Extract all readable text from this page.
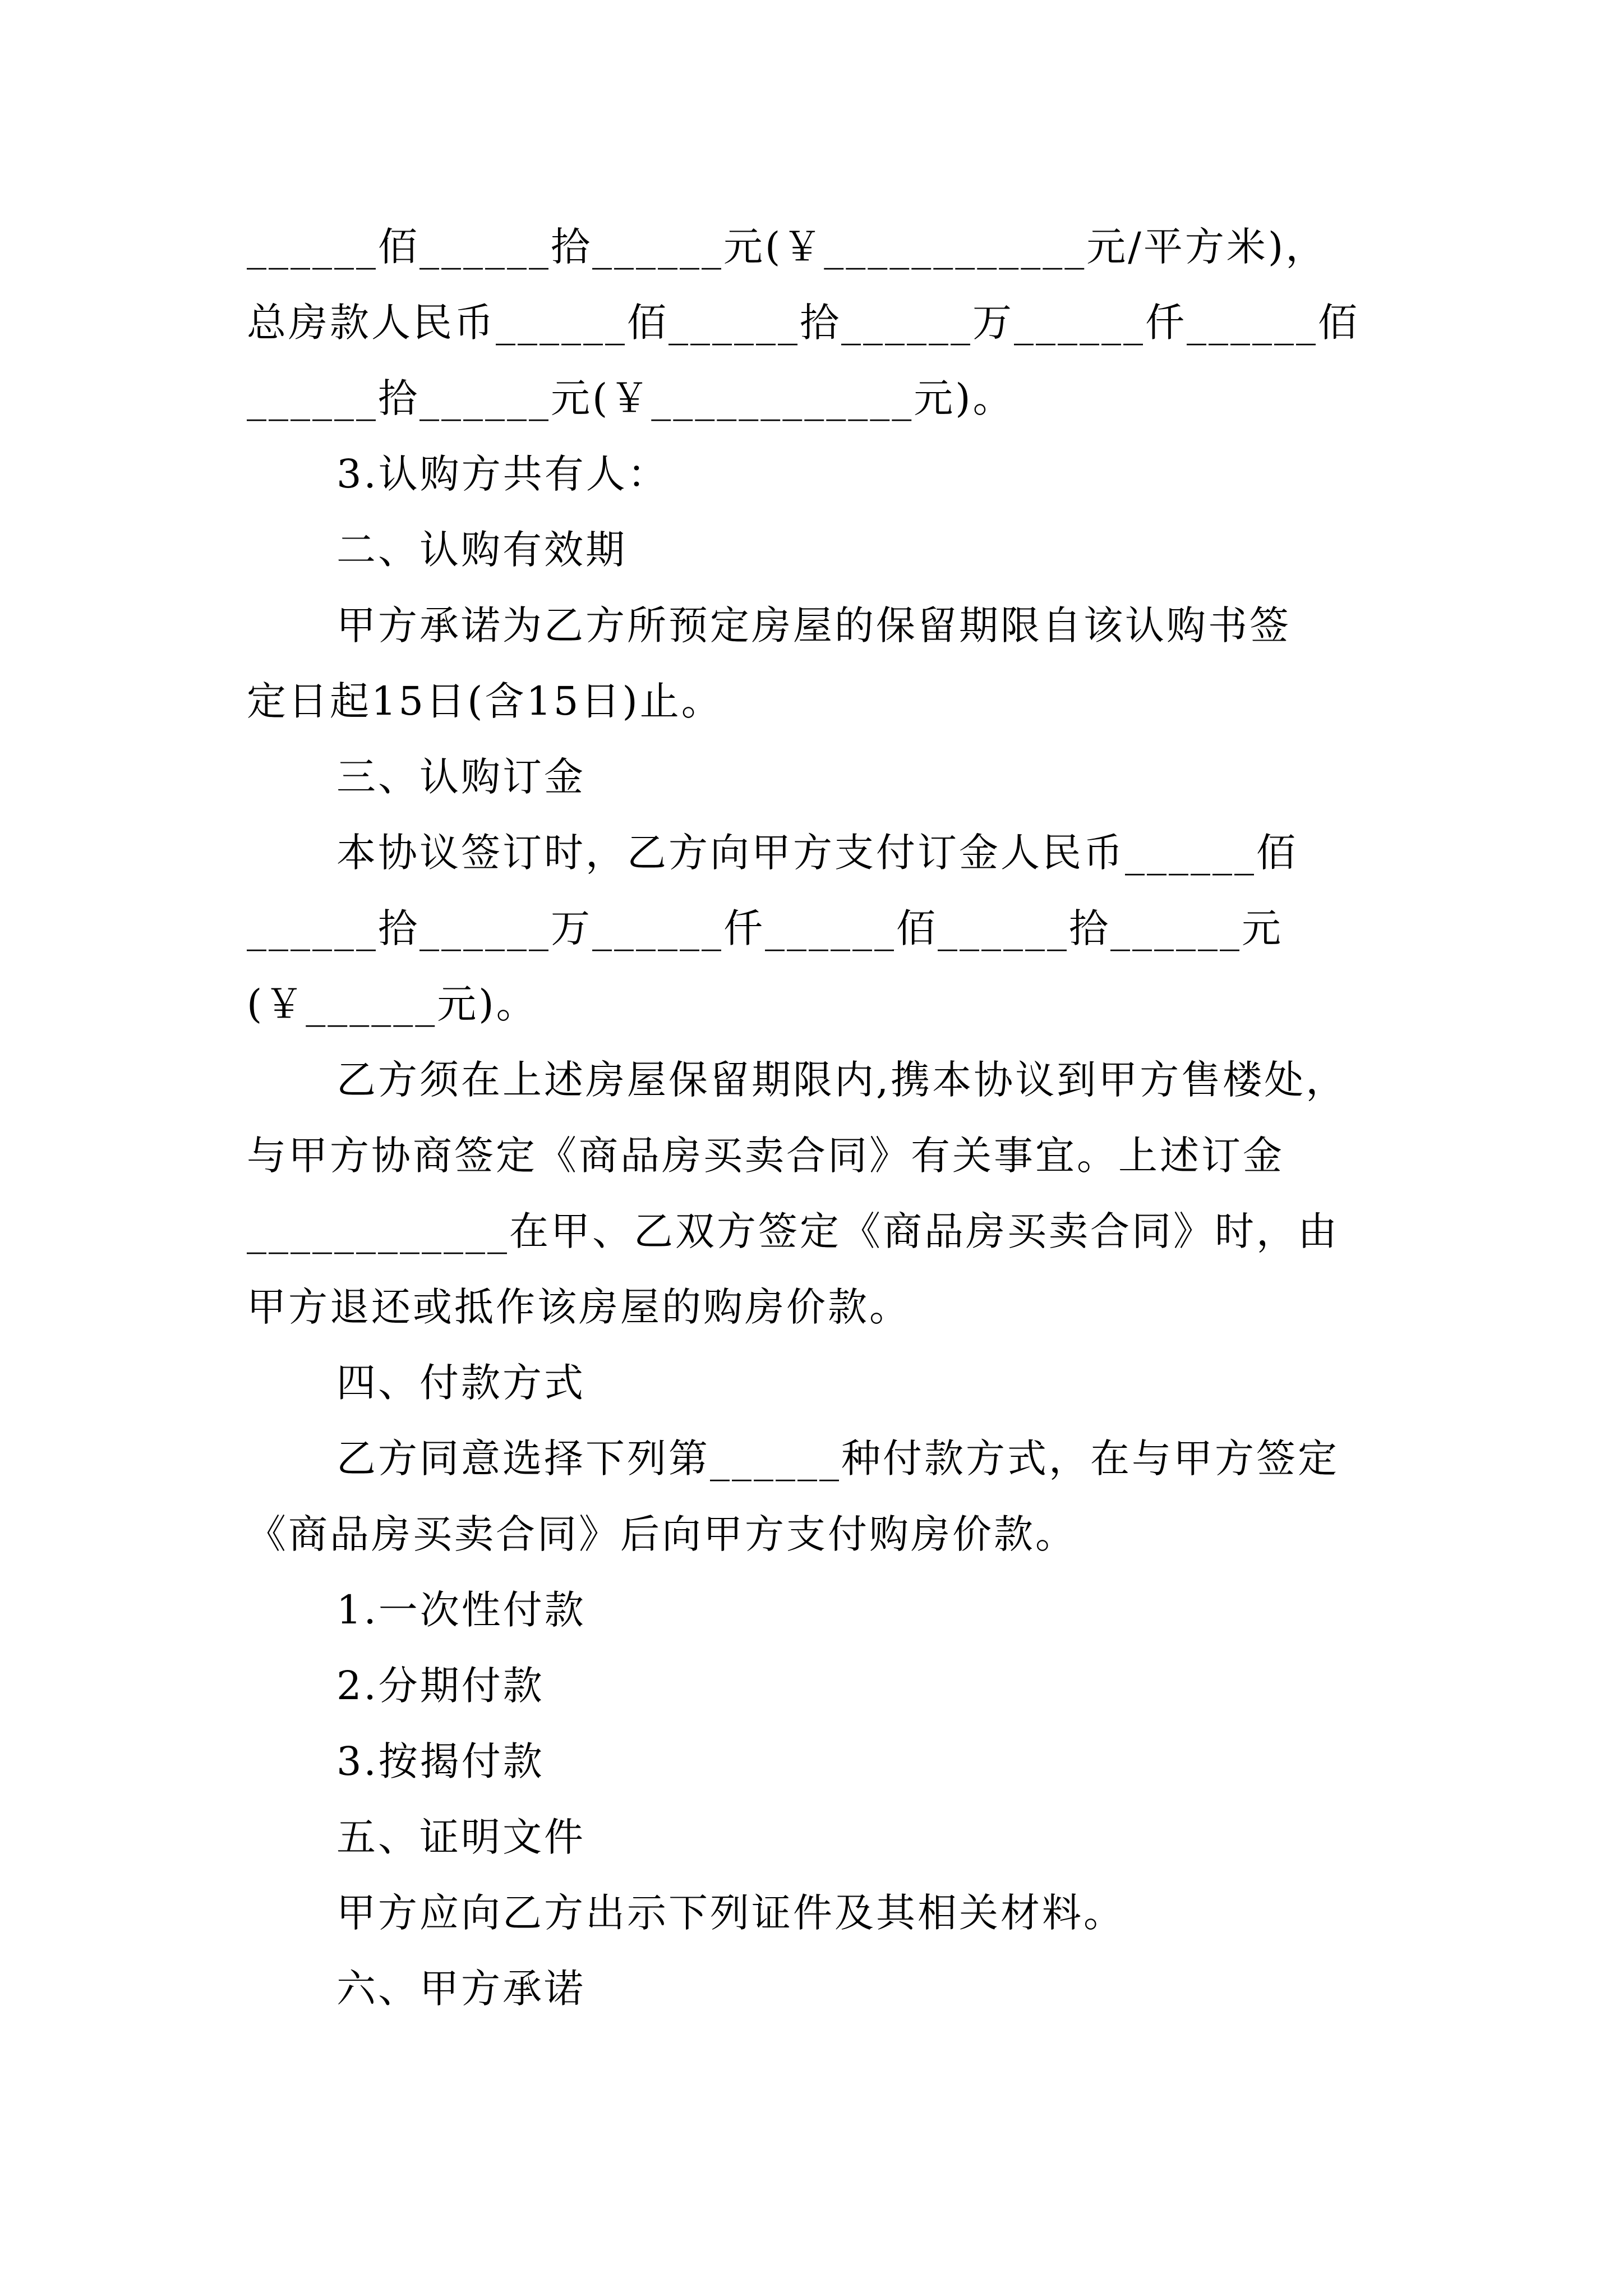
______佰______拾______元(￥____________元/平方米)，
总房款人民币______佰______拾______万______仟______佰
______拾______元(￥____________元)。
3.认购方共有人：
二、认购有效期
甲方承诺为乙方所预定房屋的保留期限自该认购书签
定日起15日(含15日)止。
三、认购订金
本协议签订时，乙方向甲方支付订金人民币______佰
______拾______万______仟______佰______拾______元
(￥______元)。
乙方须在上述房屋保留期限内,携本协议到甲方售楼处，
与甲方协商签定《商品房买卖合同》有关事宜。上述订金
____________在甲、乙双方签定《商品房买卖合同》时，由
甲方退还或抵作该房屋的购房价款。
四、付款方式
乙方同意选择下列第______种付款方式，在与甲方签定
《商品房买卖合同》后向甲方支付购房价款。
1.一次性付款
2.分期付款
3.按揭付款
五、证明文件
甲方应向乙方出示下列证件及其相关材料。
六、甲方承诺
